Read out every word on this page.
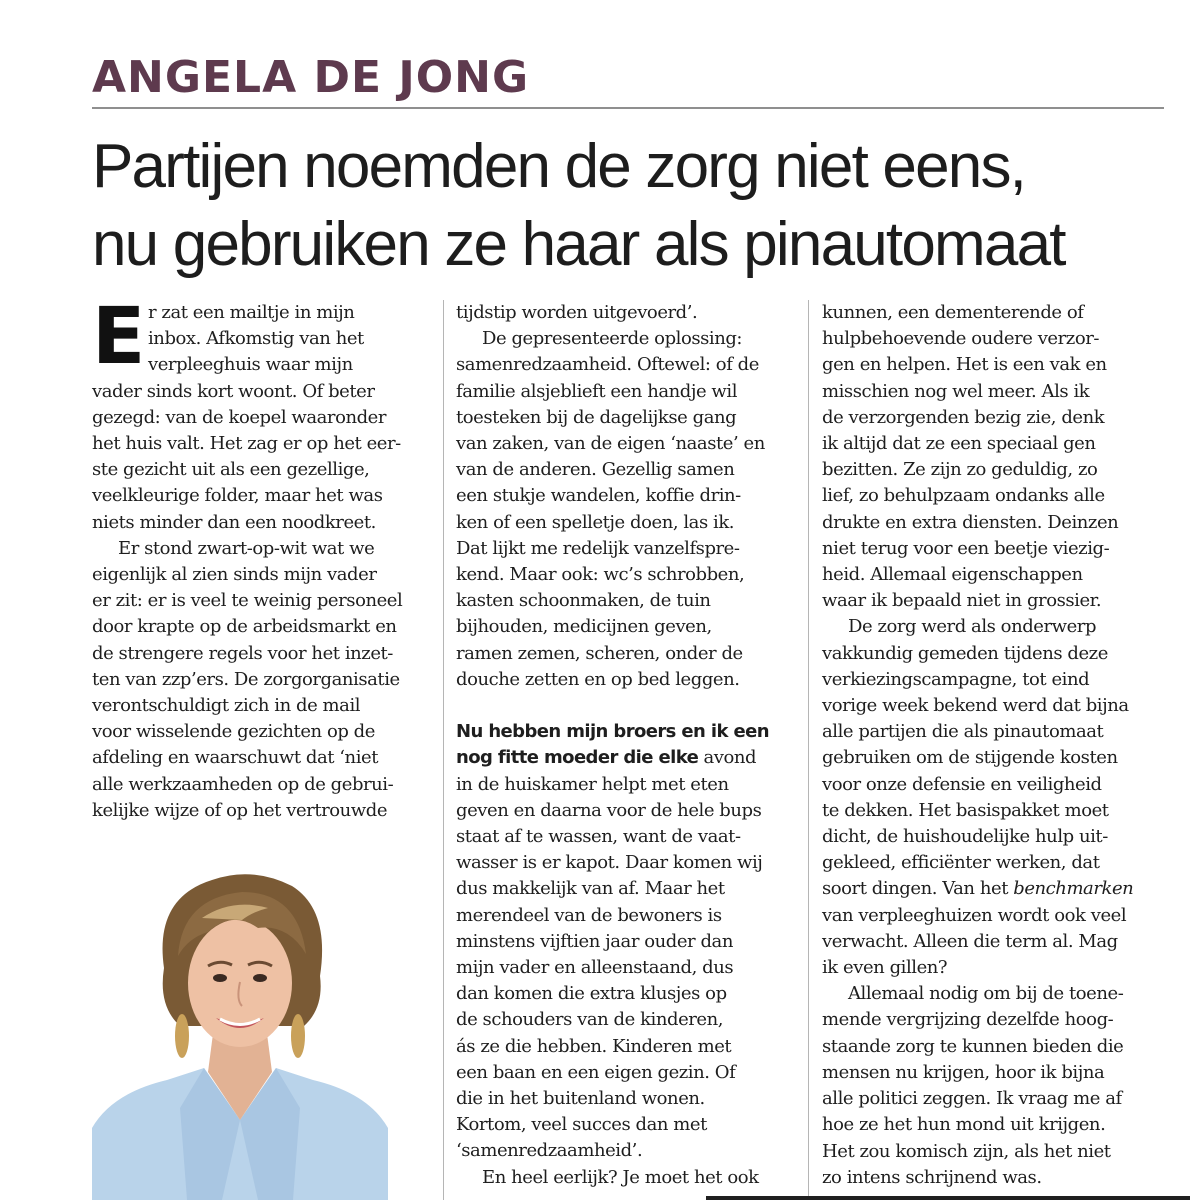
ANGELA DE JONG
Partijen noemden de zorg niet eens,
nu gebruiken ze haar als pinautomaat
E r zat een mailtje in mijn
inbox. Afkomstig van het
verpleeghuis waar mijn
vader sinds kort woont. Of beter
gezegd: van de koepel waaronder
het huis valt. Het zag er op het eer-
ste gezicht uit als een gezellige,
veelkleurige folder, maar het was
niets minder dan een noodkreet.
Er stond zwart-op-wit wat we
eigenlijk al zien sinds mijn vader
er zit: er is veel te weinig personeel
door krapte op de arbeidsmarkt en
de strengere regels voor het inzet-
ten van zzp’ers. De zorgorganisatie
verontschuldigt zich in de mail
voor wisselende gezichten op de
afdeling en waarschuwt dat ‘niet
alle werkzaamheden op de gebrui-
kelijke wijze of op het vertrouwde
tijdstip worden uitgevoerd’.
De gepresenteerde oplossing:
samenredzaamheid. Oftewel: of de
familie alsjeblieft een handje wil
toesteken bij de dagelijkse gang
van zaken, van de eigen ‘naaste’ en
van de anderen. Gezellig samen
een stukje wandelen, koffie drin-
ken of een spelletje doen, las ik.
Dat lijkt me redelijk vanzelfspre-
kend. Maar ook: wc’s schrobben,
kasten schoonmaken, de tuin
bijhouden, medicijnen geven,
ramen zemen, scheren, onder de
douche zetten en op bed leggen.
Nu hebben mijn broers en ik een
nog fitte moeder die elke avond
in de huiskamer helpt met eten
geven en daarna voor de hele bups
staat af te wassen, want de vaat-
wasser is er kapot. Daar komen wij
dus makkelijk van af. Maar het
merendeel van de bewoners is
minstens vijftien jaar ouder dan
mijn vader en alleenstaand, dus
dan komen die extra klusjes op
de schouders van de kinderen,
ás ze die hebben. Kinderen met
een baan en een eigen gezin. Of
die in het buitenland wonen.
Kortom, veel succes dan met
‘samenredzaamheid’.
En heel eerlijk? Je moet het ook
kunnen, een dementerende of
hulpbehoevende oudere verzor-
gen en helpen. Het is een vak en
misschien nog wel meer. Als ik
de verzorgenden bezig zie, denk
ik altijd dat ze een speciaal gen
bezitten. Ze zijn zo geduldig, zo
lief, zo behulpzaam ondanks alle
drukte en extra diensten. Deinzen
niet terug voor een beetje viezig-
heid. Allemaal eigenschappen
waar ik bepaald niet in grossier.
De zorg werd als onderwerp
vakkundig gemeden tijdens deze
verkiezingscampagne, tot eind
vorige week bekend werd dat bijna
alle partijen die als pinautomaat
gebruiken om de stijgende kosten
voor onze defensie en veiligheid
te dekken. Het basispakket moet
dicht, de huishoudelijke hulp uit-
gekleed, efficiënter werken, dat
soort dingen. Van het benchmarken
van verpleeghuizen wordt ook veel
verwacht. Alleen die term al. Mag
ik even gillen?
Allemaal nodig om bij de toene-
mende vergrijzing dezelfde hoog-
staande zorg te kunnen bieden die
mensen nu krijgen, hoor ik bijna
alle politici zeggen. Ik vraag me af
hoe ze het hun mond uit krijgen.
Het zou komisch zijn, als het niet
zo intens schrijnend was.
